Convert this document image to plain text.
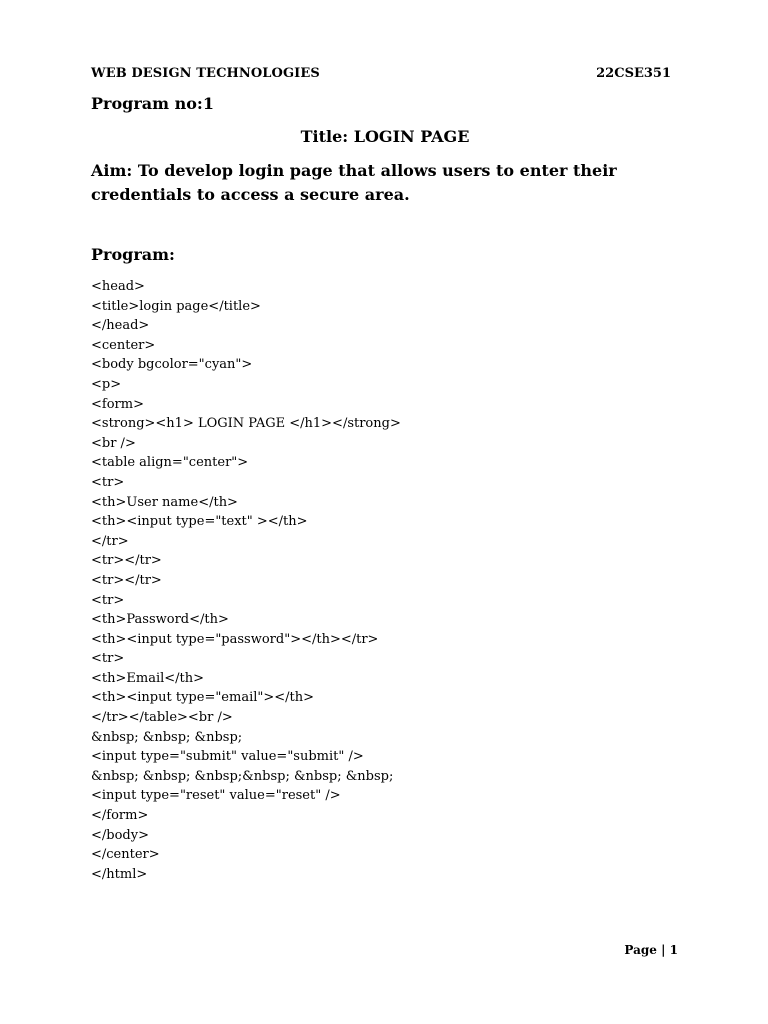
WEB DESIGN TECHNOLOGIES	22CSE351
Program no:1
Title: LOGIN PAGE
Aim: To develop login page that allows users to enter their credentials to access a secure area.
Program:
<head>
<title>login page</title>
</head>
<center>
<body bgcolor="cyan">
<p>
<form>
<strong><h1> LOGIN PAGE </h1></strong>
<br />
<table align="center">
<tr>
<th>User name</th>
<th><input type="text" ></th>
</tr>
<tr></tr>
<tr></tr>
<tr>
<th>Password</th>
<th><input type="password"></th></tr>
<tr>
<th>Email</th>
<th><input type="email"></th>
</tr></table><br />
&nbsp; &nbsp; &nbsp;
<input type="submit" value="submit" />
&nbsp; &nbsp; &nbsp;&nbsp; &nbsp; &nbsp;
<input type="reset" value="reset" />
</form>
</body>
</center>
</html>
Page | 1
